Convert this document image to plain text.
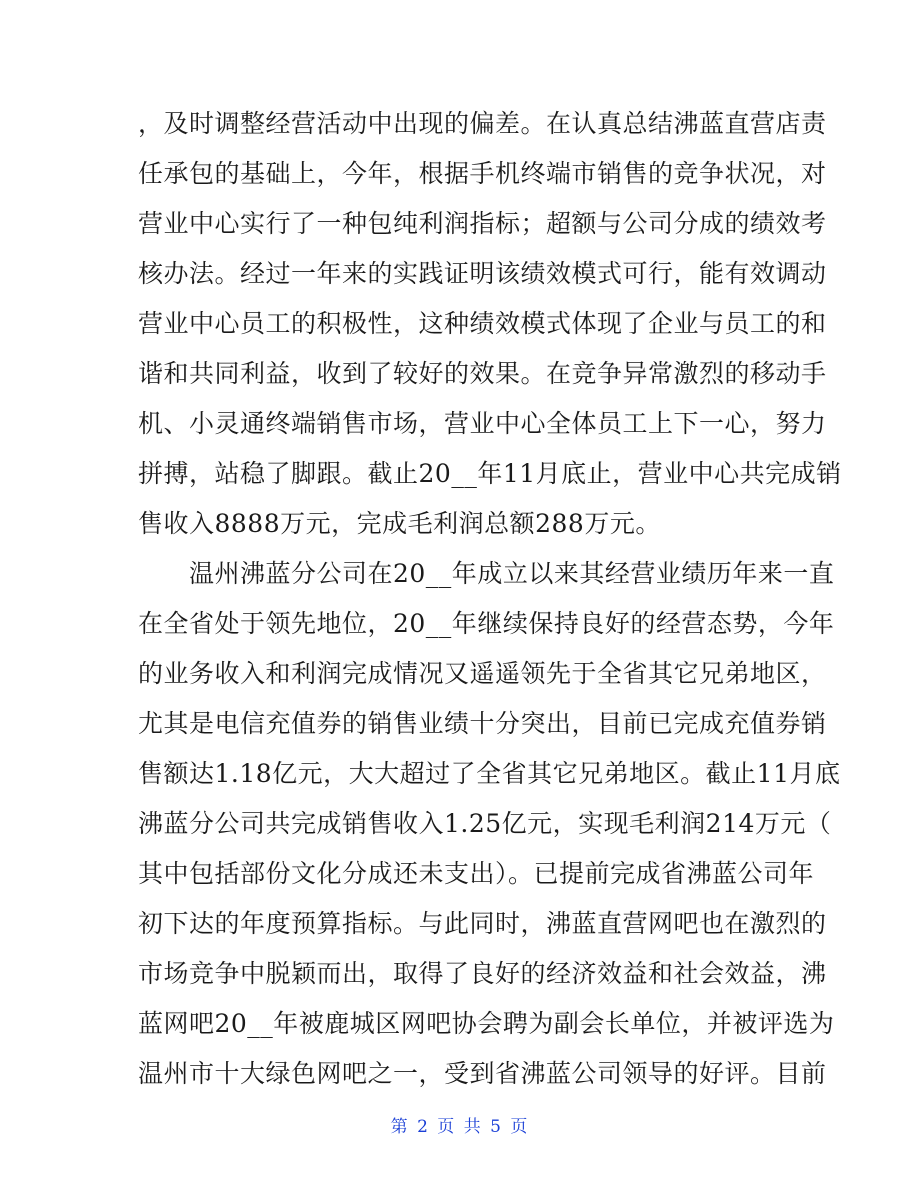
，及时调整经营活动中出现的偏差。在认真总结沸蓝直营店责
任承包的基础上，今年，根据手机终端市销售的竞争状况，对
营业中心实行了一种包纯利润指标；超额与公司分成的绩效考
核办法。经过一年来的实践证明该绩效模式可行，能有效调动
营业中心员工的积极性，这种绩效模式体现了企业与员工的和
谐和共同利益，收到了较好的效果。在竞争异常激烈的移动手
机、小灵通终端销售市场，营业中心全体员工上下一心，努力
拼搏，站稳了脚跟。截止20__年11月底止，营业中心共完成销
售收入8888万元，完成毛利润总额288万元。
　　温州沸蓝分公司在20__年成立以来其经营业绩历年来一直
在全省处于领先地位，20__年继续保持良好的经营态势，今年
的业务收入和利润完成情况又遥遥领先于全省其它兄弟地区，
尤其是电信充值券的销售业绩十分突出，目前已完成充值券销
售额达1.18亿元，大大超过了全省其它兄弟地区。截止11月底
沸蓝分公司共完成销售收入1.25亿元，实现毛利润214万元（
其中包括部份文化分成还未支出）。已提前完成省沸蓝公司年
初下达的年度预算指标。与此同时，沸蓝直营网吧也在激烈的
市场竞争中脱颖而出，取得了良好的经济效益和社会效益，沸
蓝网吧20__年被鹿城区网吧协会聘为副会长单位，并被评选为
温州市十大绿色网吧之一，受到省沸蓝公司领导的好评。目前
第 2 页 共 5 页
